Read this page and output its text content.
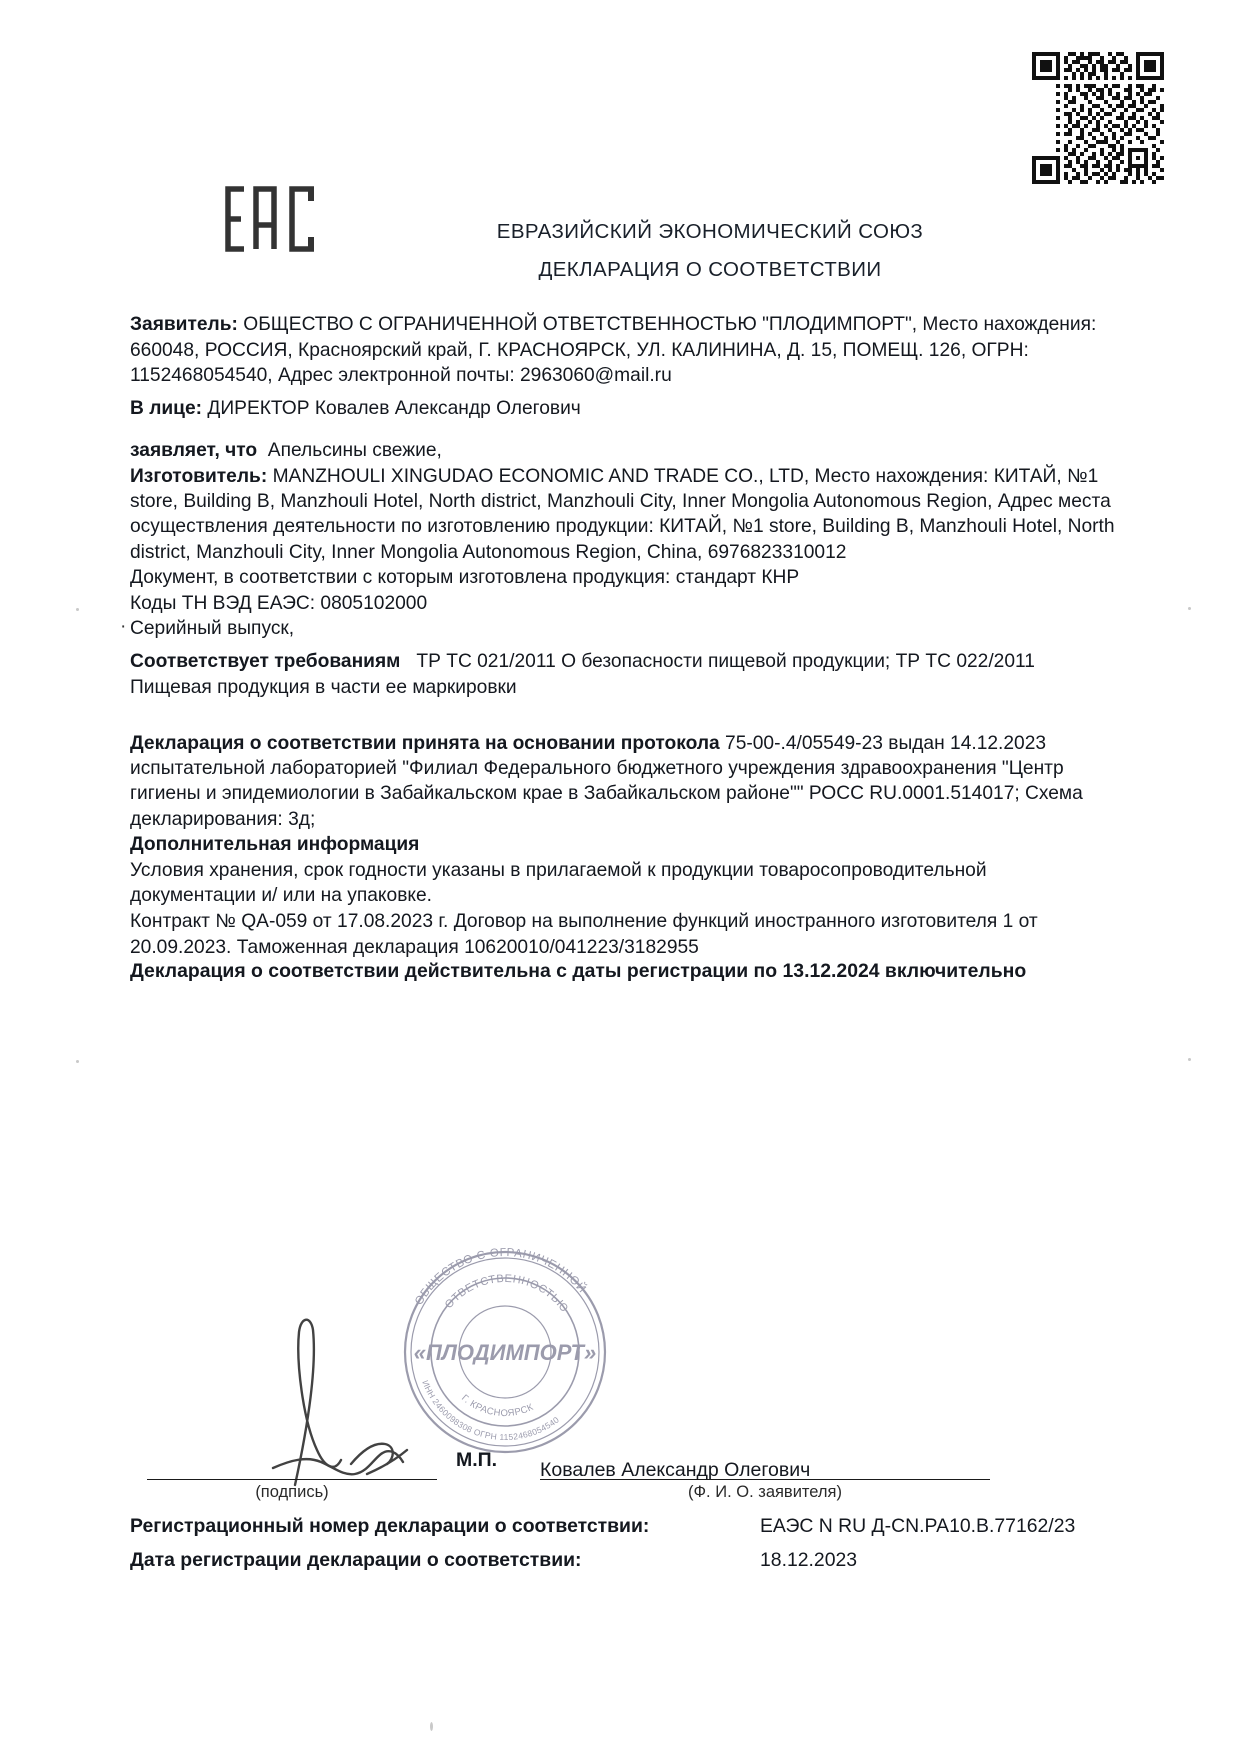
ЕВРАЗИЙСКИЙ ЭКОНОМИЧЕСКИЙ СОЮЗ
ДЕКЛАРАЦИЯ О СООТВЕТСТВИИ

Заявитель: ОБЩЕСТВО С ОГРАНИЧЕННОЙ ОТВЕТСТВЕННОСТЬЮ "ПЛОДИМПОРТ", Место нахождения: 660048, РОССИЯ, Красноярский край, Г. КРАСНОЯРСК, УЛ. КАЛИНИНА, Д. 15, ПОМЕЩ. 126, ОГРН: 1152468054540, Адрес электронной почты: 2963060@mail.ru

В лице: ДИРЕКТОР Ковалев Александр Олегович

заявляет, что Апельсины свежие,

Изготовитель: MANZHOULI XINGUDAO ECONOMIC AND TRADE CO., LTD, Место нахождения: КИТАЙ, №1 store, Building B, Manzhouli Hotel, North district, Manzhouli City, Inner Mongolia Autonomous Region, Адрес места осуществления деятельности по изготовлению продукции: КИТАЙ, №1 store, Building B, Manzhouli Hotel, North district, Manzhouli City, Inner Mongolia Autonomous Region, China, 6976823310012

Документ, в соответствии с которым изготовлена продукция: стандарт КНР

Коды ТН ВЭД ЕАЭС: 0805102000

· Серийный выпуск,

Соответствует требованиям ТР ТС 021/2011 О безопасности пищевой продукции; ТР ТС 022/2011 Пищевая продукция в части ее маркировки

Декларация о соответствии принята на основании протокола 75-00-.4/05549-23 выдан 14.12.2023 испытательной лабораторией "Филиал Федерального бюджетного учреждения здравоохранения "Центр гигиены и эпидемиологии в Забайкальском крае в Забайкальском районе"" РОСС RU.0001.514017; Схема декларирования: 3д;

Дополнительная информация

Условия хранения, срок годности указаны в прилагаемой к продукции товаросопроводительной документации и/ или на упаковке.

Контракт № QA-059 от 17.08.2023 г. Договор на выполнение функций иностранного изготовителя 1 от 20.09.2023. Таможенная декларация 10620010/041223/3182955

Декларация о соответствии действительна с даты регистрации по 13.12.2024 включительно
ОБЩЕСТВО С ОГРАНИЧЕННОЙ
ОТВЕТСТВЕННОСТЬЮ
Г. КРАСНОЯРСК
ИНН 2460098308 ОГРН 1152468054540
«ПЛОДИМПОРТ»
М.П. Ковалев Александр Олегович
(подпись)	(Ф. И. О. заявителя)
Регистрационный номер декларации о соответствии:	ЕАЭС N RU Д-CN.РА10.В.77162/23
Дата регистрации декларации о соответствии:	18.12.2023
